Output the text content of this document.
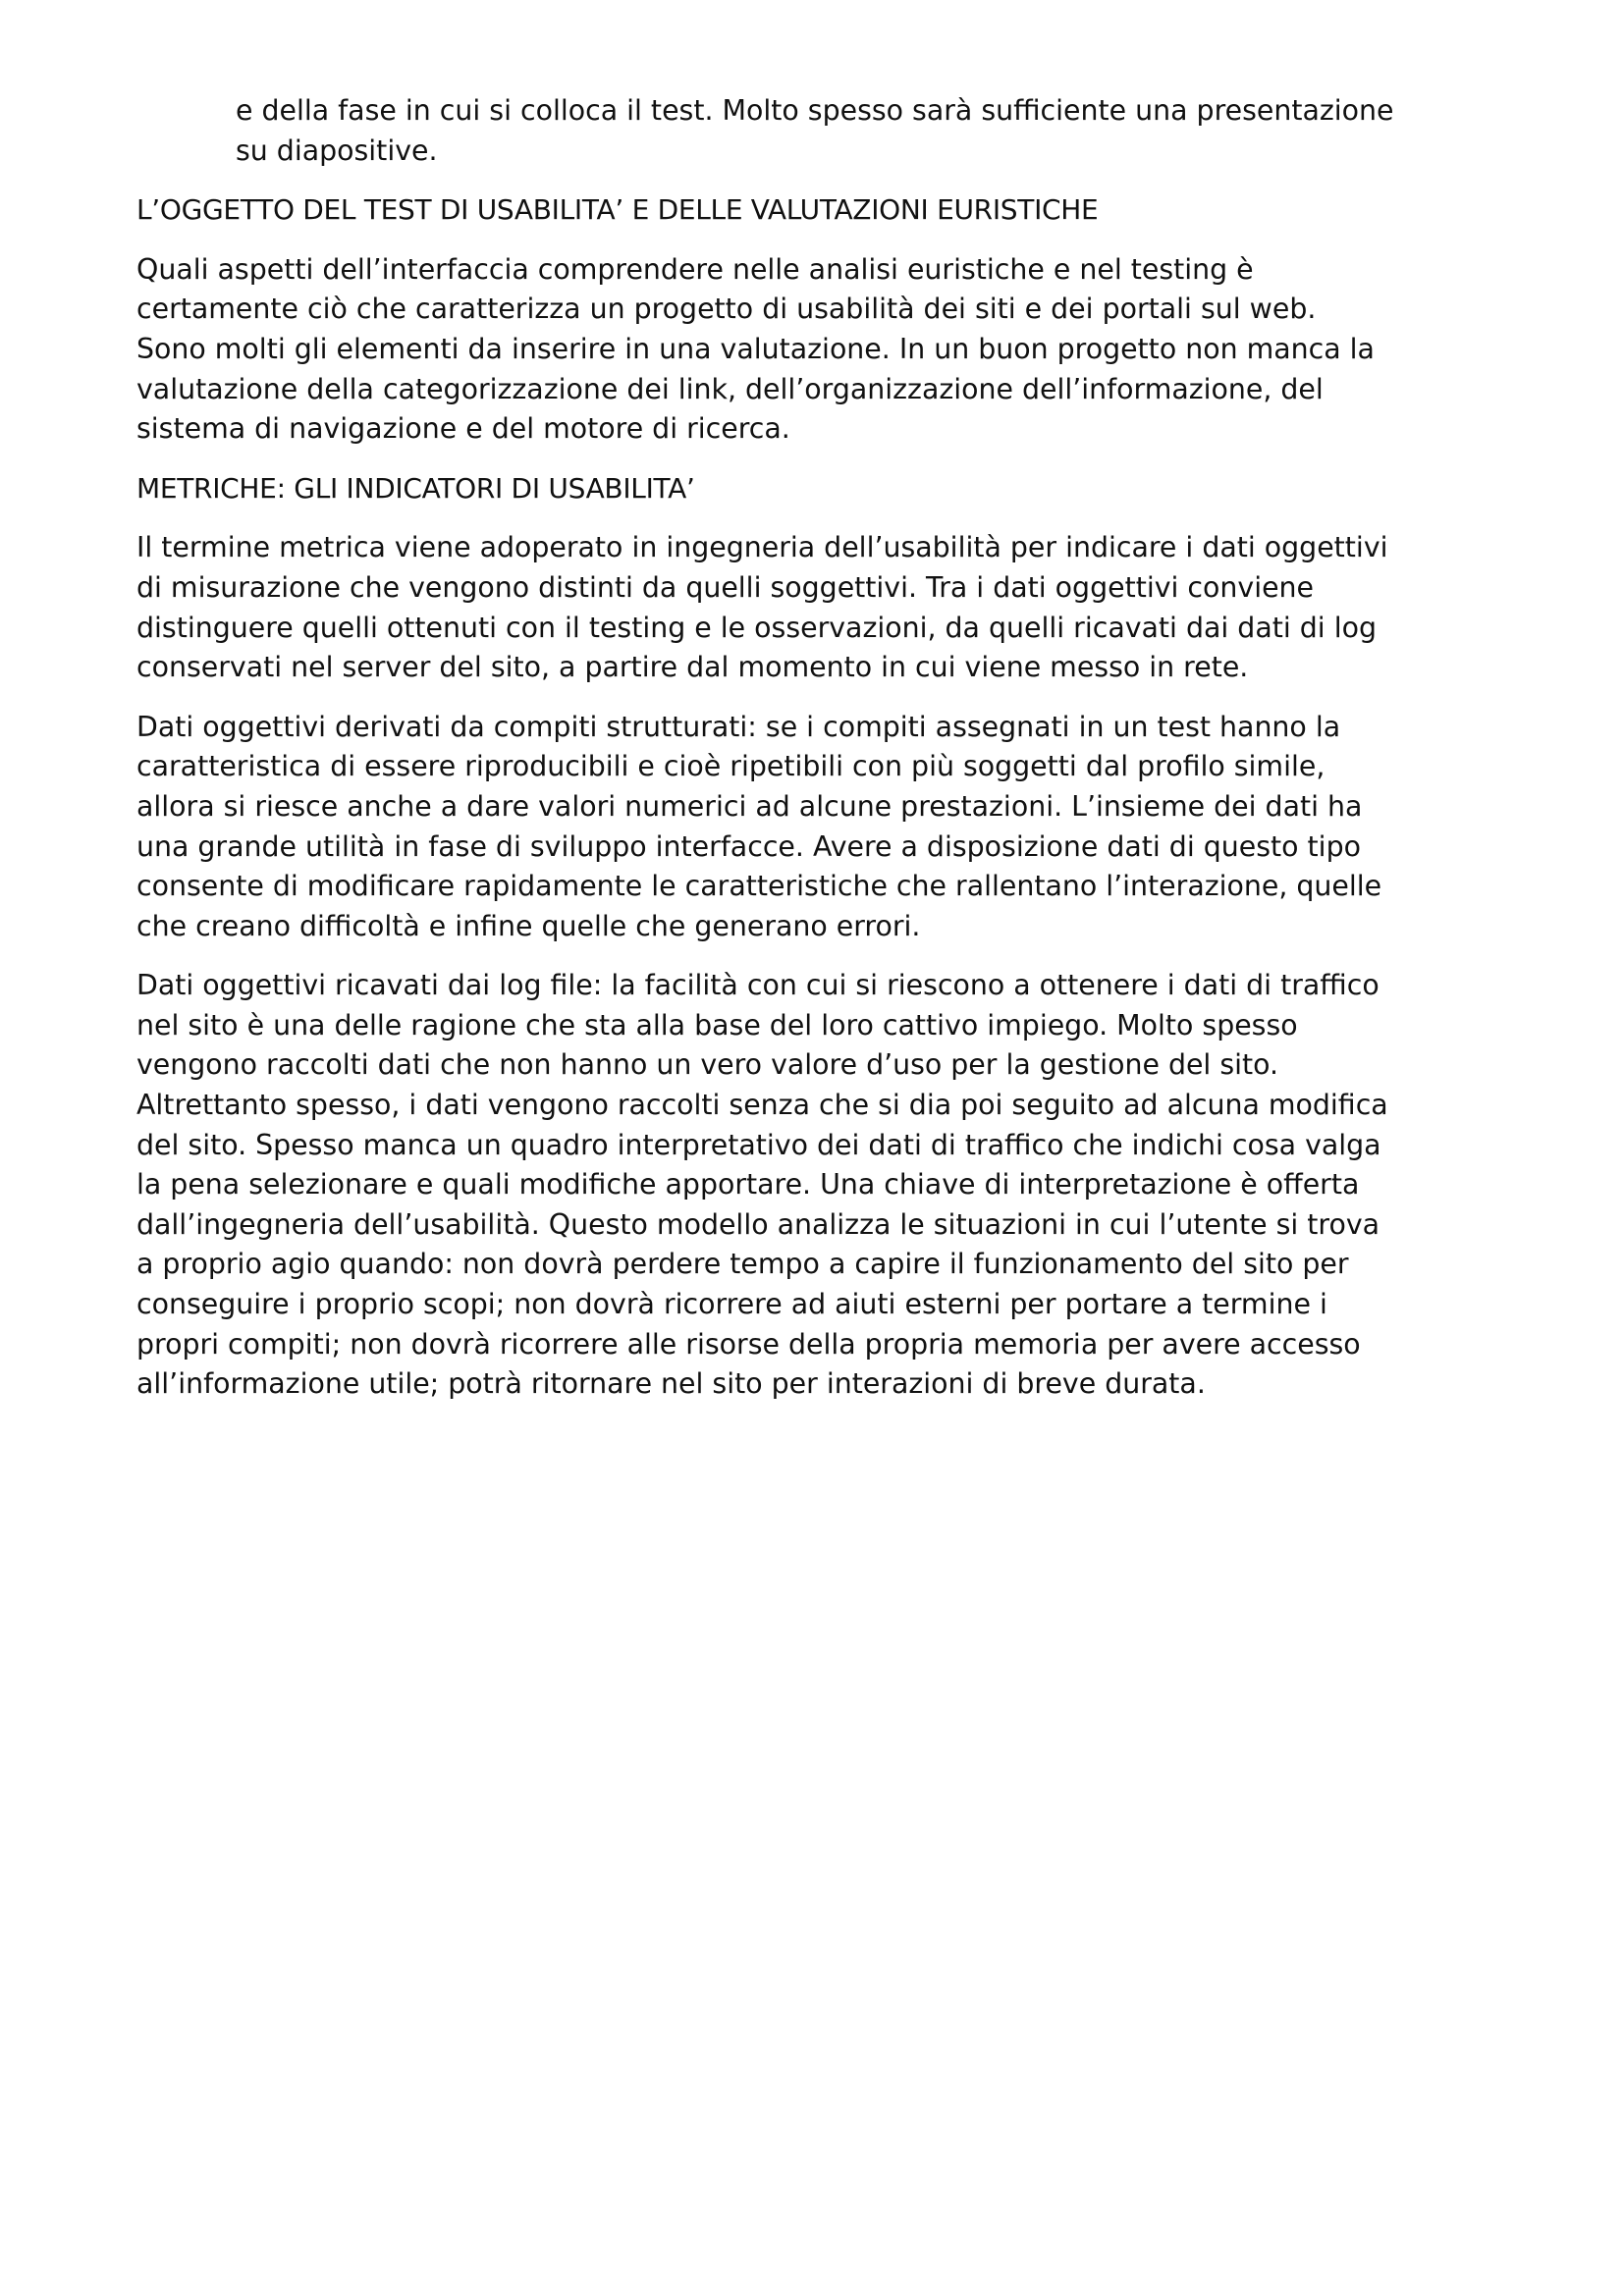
e della fase in cui si colloca il test. Molto spesso sarà sufficiente una presentazione
su diapositive.
L’OGGETTO DEL TEST DI USABILITA’ E DELLE VALUTAZIONI EURISTICHE

Quali aspetti dell’interfaccia comprendere nelle analisi euristiche e nel testing è
certamente ciò che caratterizza un progetto di usabilità dei siti e dei portali sul web.
Sono molti gli elementi da inserire in una valutazione. In un buon progetto non manca la
valutazione della categorizzazione dei link, dell’organizzazione dell’informazione, del
sistema di navigazione e del motore di ricerca.

METRICHE: GLI INDICATORI DI USABILITA’

Il termine metrica viene adoperato in ingegneria dell’usabilità per indicare i dati oggettivi
di misurazione che vengono distinti da quelli soggettivi. Tra i dati oggettivi conviene
distinguere quelli ottenuti con il testing e le osservazioni, da quelli ricavati dai dati di log
conservati nel server del sito, a partire dal momento in cui viene messo in rete.

Dati oggettivi derivati da compiti strutturati: se i compiti assegnati in un test hanno la
caratteristica di essere riproducibili e cioè ripetibili con più soggetti dal profilo simile,
allora si riesce anche a dare valori numerici ad alcune prestazioni. L’insieme dei dati ha
una grande utilità in fase di sviluppo interfacce. Avere a disposizione dati di questo tipo
consente di modificare rapidamente le caratteristiche che rallentano l’interazione, quelle
che creano difficoltà e infine quelle che generano errori.

Dati oggettivi ricavati dai log file: la facilità con cui si riescono a ottenere i dati di traffico
nel sito è una delle ragione che sta alla base del loro cattivo impiego. Molto spesso
vengono raccolti dati che non hanno un vero valore d’uso per la gestione del sito.
Altrettanto spesso, i dati vengono raccolti senza che si dia poi seguito ad alcuna modifica
del sito. Spesso manca un quadro interpretativo dei dati di traffico che indichi cosa valga
la pena selezionare e quali modifiche apportare. Una chiave di interpretazione è offerta
dall’ingegneria dell’usabilità. Questo modello analizza le situazioni in cui l’utente si trova
a proprio agio quando: non dovrà perdere tempo a capire il funzionamento del sito per
conseguire i proprio scopi; non dovrà ricorrere ad aiuti esterni per portare a termine i
propri compiti; non dovrà ricorrere alle risorse della propria memoria per avere accesso
all’informazione utile; potrà ritornare nel sito per interazioni di breve durata.
